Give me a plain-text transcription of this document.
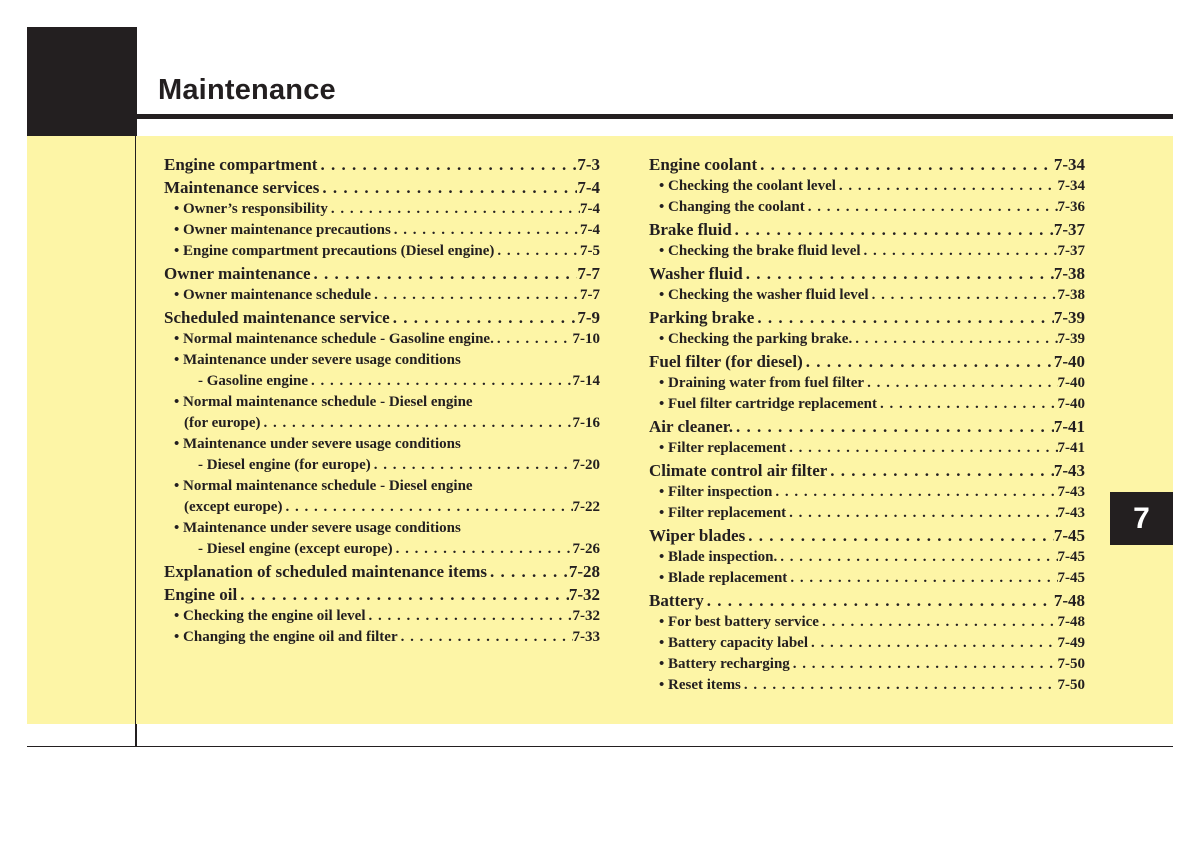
Maintenance
7
Engine compartment . . .	7-3
Maintenance services . . .	7-4
• Owner’s responsibility . . .	7-4
• Owner maintenance precautions . . .	7-4
• Engine compartment precautions (Diesel engine) . . .	7-5
Owner maintenance . . .	7-7
• Owner maintenance schedule . . .	7-7
Scheduled maintenance service . . .	7-9
• Normal maintenance schedule - Gasoline engine. . . .	7-10
• Maintenance under severe usage conditions
- Gasoline engine . . .	7-14
• Normal maintenance schedule - Diesel engine
(for europe) . . .	7-16
• Maintenance under severe usage conditions
- Diesel engine (for europe) . . .	7-20
• Normal maintenance schedule - Diesel engine
(except europe) . . .	7-22
• Maintenance under severe usage conditions
- Diesel engine (except europe) . . .	7-26
Explanation of scheduled maintenance items . . .	7-28
Engine oil . . .	7-32
• Checking the engine oil level . . .	7-32
• Changing the engine oil and filter . . .	7-33
Engine coolant . . .	7-34
• Checking the coolant level . . .	7-34
• Changing the coolant . . .	7-36
Brake fluid . . .	7-37
• Checking the brake fluid level . . .	7-37
Washer fluid . . .	7-38
• Checking the washer fluid level . . .	7-38
Parking brake . . .	7-39
• Checking the parking brake. . . .	7-39
Fuel filter (for diesel) . . .	7-40
• Draining water from fuel filter . . .	7-40
• Fuel filter cartridge replacement . . .	7-40
Air cleaner. . . .	7-41
• Filter replacement . . .	7-41
Climate control air filter . . .	7-43
• Filter inspection . . .	7-43
• Filter replacement . . .	7-43
Wiper blades . . .	7-45
• Blade inspection. . . .	7-45
• Blade replacement . . .	7-45
Battery . . .	7-48
• For best battery service . . .	7-48
• Battery capacity label . . .	7-49
• Battery recharging . . .	7-50
• Reset items . . .	7-50
